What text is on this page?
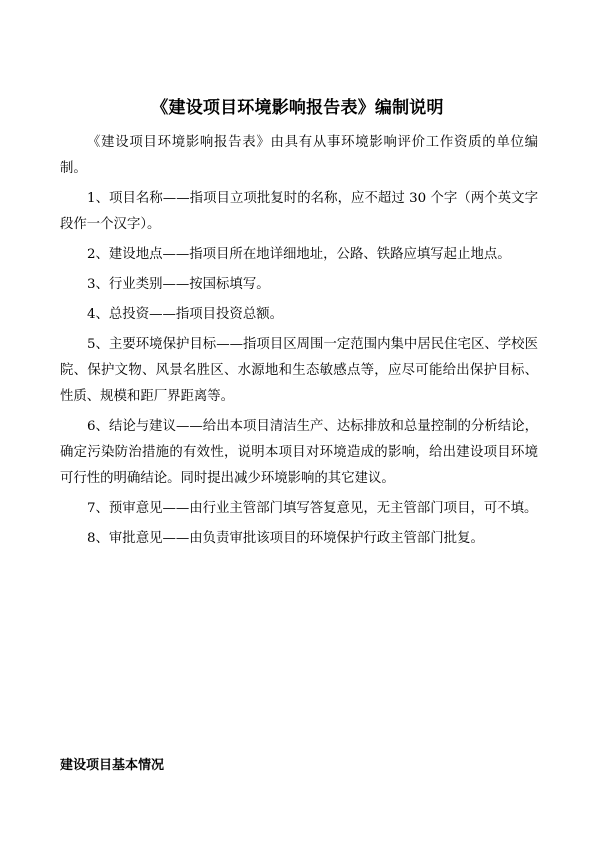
《建设项目环境影响报告表》编制说明

《建设项目环境影响报告表》由具有从事环境影响评价工作资质的单位编制。

1、项目名称——指项目立项批复时的名称，应不超过 30 个字（两个英文字段作一个汉字）。

2、建设地点——指项目所在地详细地址，公路、铁路应填写起止地点。

3、行业类别——按国标填写。

4、总投资——指项目投资总额。

5、主要环境保护目标——指项目区周围一定范围内集中居民住宅区、学校医院、保护文物、风景名胜区、水源地和生态敏感点等，应尽可能给出保护目标、性质、规模和距厂界距离等。

6、结论与建议——给出本项目清洁生产、达标排放和总量控制的分析结论，确定污染防治措施的有效性，说明本项目对环境造成的影响，给出建设项目环境可行性的明确结论。同时提出减少环境影响的其它建议。

7、预审意见——由行业主管部门填写答复意见，无主管部门项目，可不填。

8、审批意见——由负责审批该项目的环境保护行政主管部门批复。

建设项目基本情况
